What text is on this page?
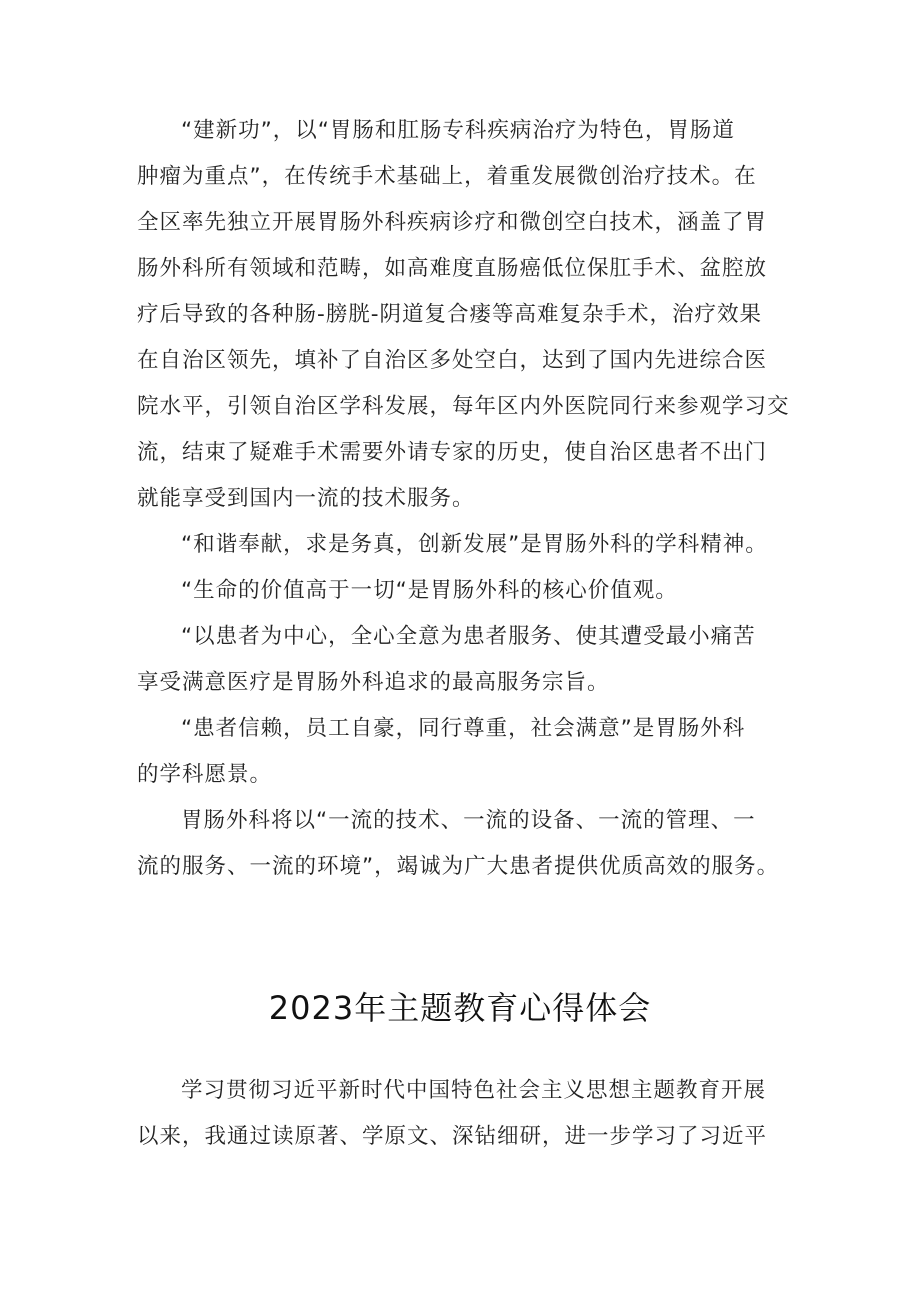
“建新功”，以“胃肠和肛肠专科疾病治疗为特色，胃肠道
肿瘤为重点”，在传统手术基础上，着重发展微创治疗技术。在
全区率先独立开展胃肠外科疾病诊疗和微创空白技术，涵盖了胃
肠外科所有领域和范畴，如高难度直肠癌低位保肛手术、盆腔放
疗后导致的各种肠-膀胱-阴道复合瘘等高难复杂手术，治疗效果
在自治区领先，填补了自治区多处空白，达到了国内先进综合医
院水平，引领自治区学科发展，每年区内外医院同行来参观学习交
流，结束了疑难手术需要外请专家的历史，使自治区患者不出门
就能享受到国内一流的技术服务。
“和谐奉献，求是务真，创新发展”是胃肠外科的学科精神。
“生命的价值高于一切“是胃肠外科的核心价值观。
“以患者为中心，全心全意为患者服务、使其遭受最小痛苦
享受满意医疗是胃肠外科追求的最高服务宗旨。
“患者信赖，员工自豪，同行尊重，社会满意”是胃肠外科
的学科愿景。
胃肠外科将以“一流的技术、一流的设备、一流的管理、一
流的服务、一流的环境”，竭诚为广大患者提供优质高效的服务。
2023年主题教育心得体会
学习贯彻习近平新时代中国特色社会主义思想主题教育开展
以来，我通过读原著、学原文、深钻细研，进一步学习了习近平
